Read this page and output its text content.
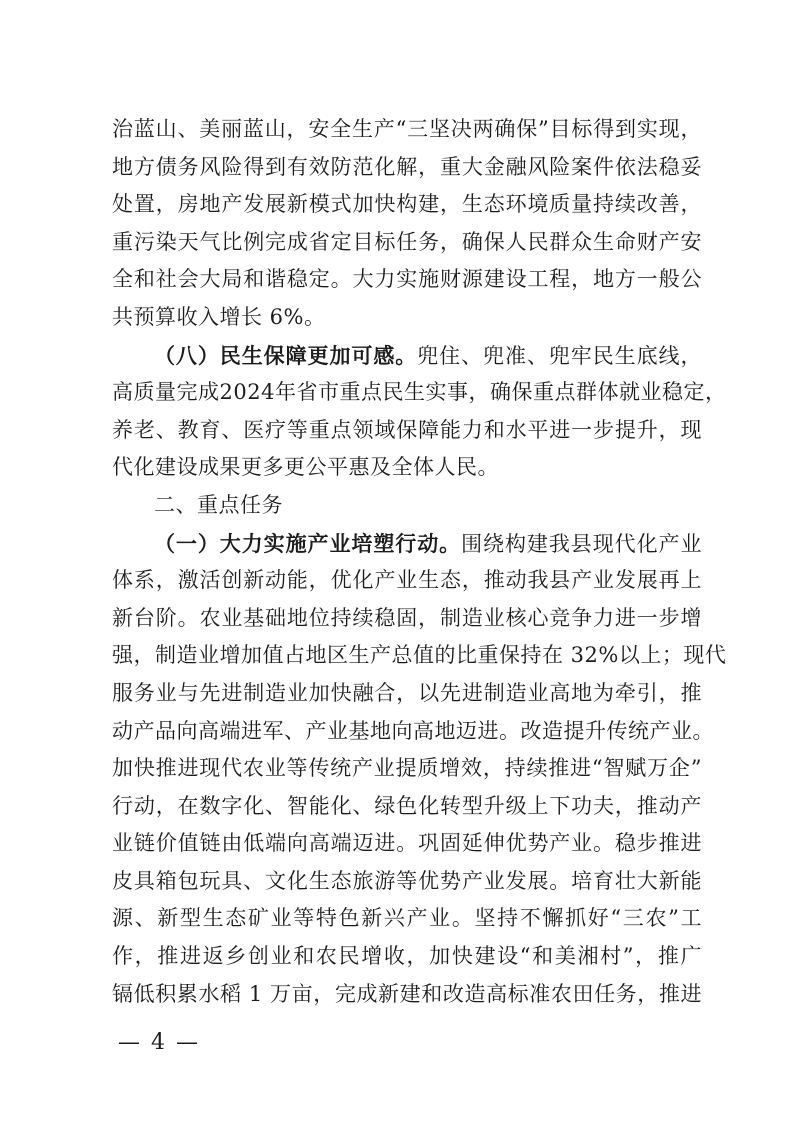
治蓝山、美丽蓝山，安全生产“三坚决两确保”目标得到实现，
地方债务风险得到有效防范化解，重大金融风险案件依法稳妥
处置，房地产发展新模式加快构建，生态环境质量持续改善，
重污染天气比例完成省定目标任务，确保人民群众生命财产安
全和社会大局和谐稳定。大力实施财源建设工程，地方一般公
共预算收入增长 6%。
（八）民生保障更加可感。兜住、兜准、兜牢民生底线，
高质量完成2024年省市重点民生实事，确保重点群体就业稳定，
养老、教育、医疗等重点领域保障能力和水平进一步提升，现
代化建设成果更多更公平惠及全体人民。
二、重点任务
（一）大力实施产业培塑行动。围绕构建我县现代化产业
体系，激活创新动能，优化产业生态，推动我县产业发展再上
新台阶。农业基础地位持续稳固，制造业核心竞争力进一步增
强，制造业增加值占地区生产总值的比重保持在 32%以上；现代
服务业与先进制造业加快融合，以先进制造业高地为牵引，推
动产品向高端进军、产业基地向高地迈进。改造提升传统产业。
加快推进现代农业等传统产业提质增效，持续推进“智赋万企”
行动，在数字化、智能化、绿色化转型升级上下功夫，推动产
业链价值链由低端向高端迈进。巩固延伸优势产业。稳步推进
皮具箱包玩具、文化生态旅游等优势产业发展。培育壮大新能
源、新型生态矿业等特色新兴产业。坚持不懈抓好“三农”工
作，推进返乡创业和农民增收，加快建设“和美湘村”，推广
镉低积累水稻 1 万亩，完成新建和改造高标准农田任务，推进
— 4 —
